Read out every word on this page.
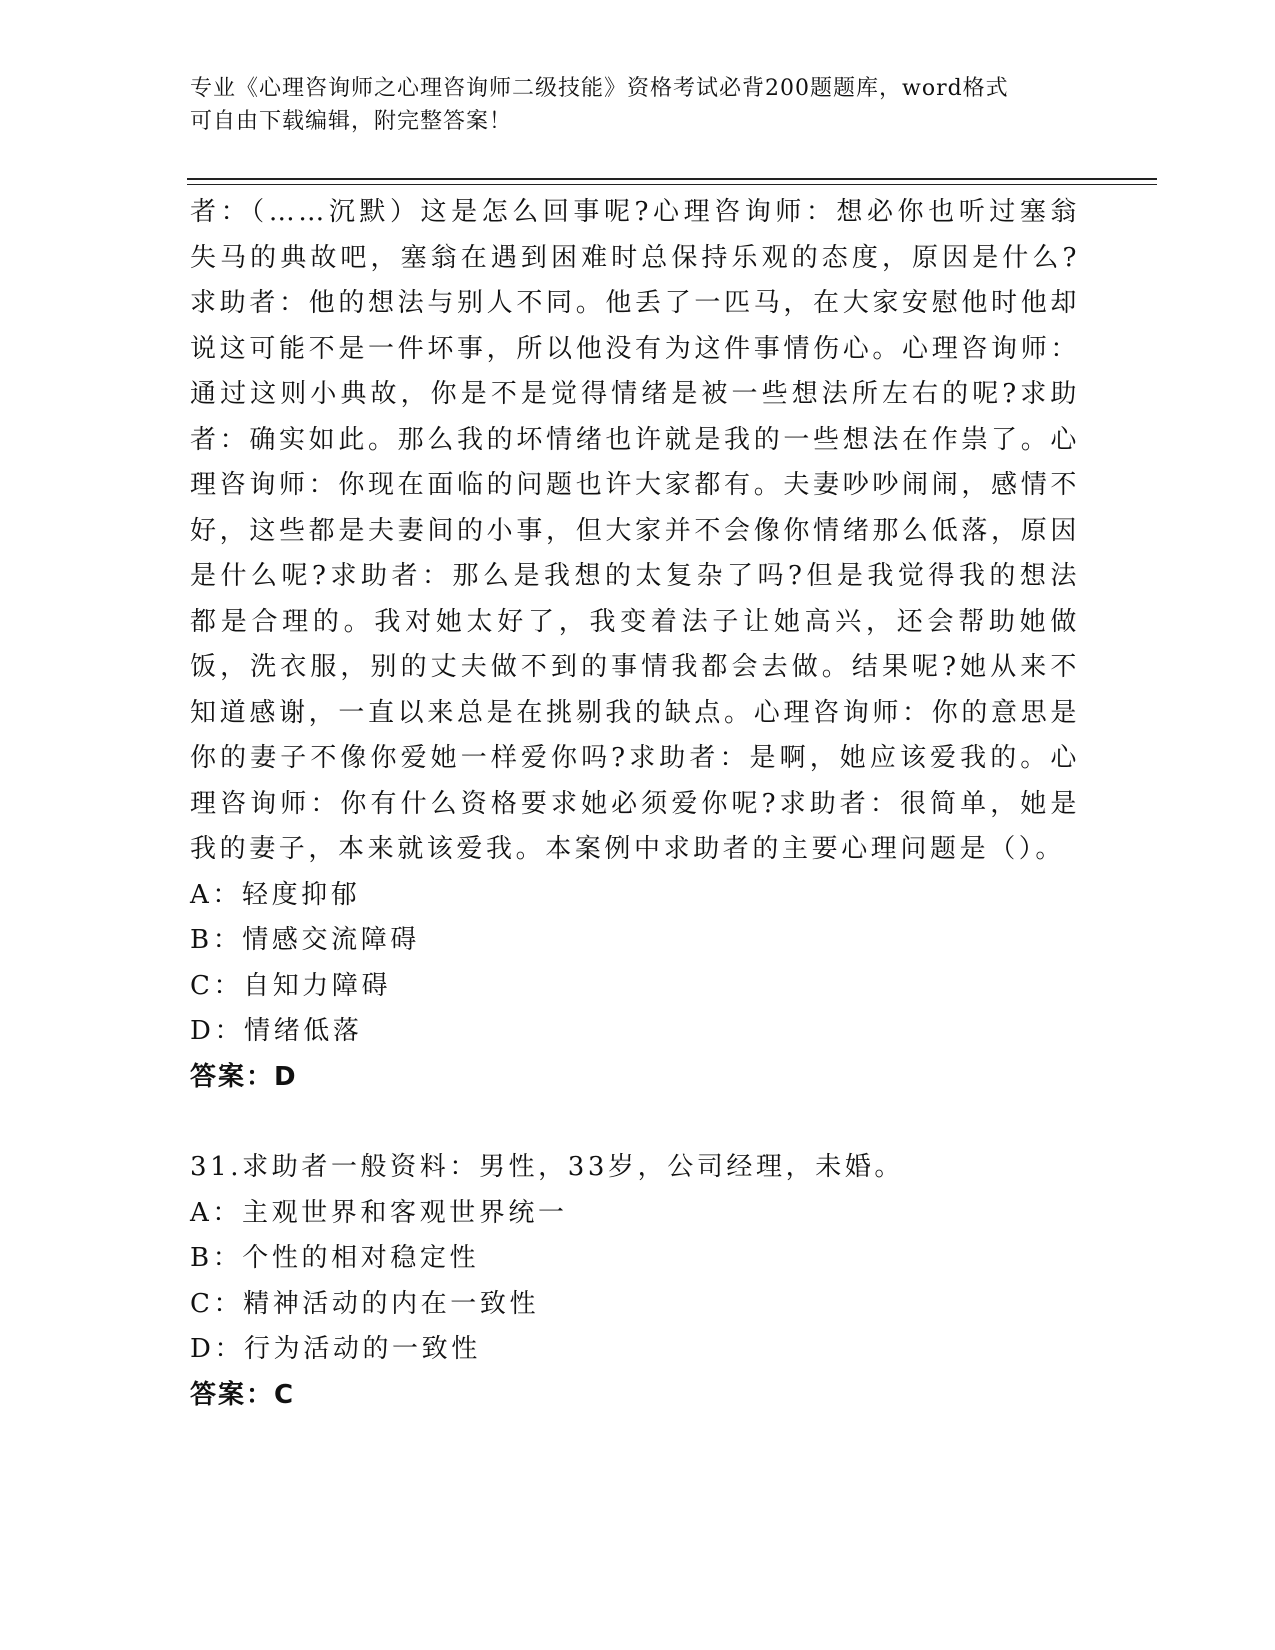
专业《心理咨询师之心理咨询师二级技能》资格考试必背200题题库，word格式
可自由下载编辑，附完整答案！

者：（……沉默）这是怎么回事呢?心理咨询师：想必你也听过塞翁失马的典故吧，塞翁在遇到困难时总保持乐观的态度，原因是什么?求助者：他的想法与别人不同。他丢了一匹马，在大家安慰他时他却说这可能不是一件坏事，所以他没有为这件事情伤心。心理咨询师：通过这则小典故，你是不是觉得情绪是被一些想法所左右的呢?求助者：确实如此。那么我的坏情绪也许就是我的一些想法在作祟了。心理咨询师：你现在面临的问题也许大家都有。夫妻吵吵闹闹，感情不好，这些都是夫妻间的小事，但大家并不会像你情绪那么低落，原因是什么呢?求助者：那么是我想的太复杂了吗?但是我觉得我的想法都是合理的。我对她太好了，我变着法子让她高兴，还会帮助她做饭，洗衣服，别的丈夫做不到的事情我都会去做。结果呢?她从来不知道感谢，一直以来总是在挑剔我的缺点。心理咨询师：你的意思是你的妻子不像你爱她一样爱你吗?求助者：是啊，她应该爱我的。心理咨询师：你有什么资格要求她必须爱你呢?求助者：很简单，她是我的妻子，本来就该爱我。本案例中求助者的主要心理问题是（）。

A：轻度抑郁

B：情感交流障碍

C：自知力障碍

D：情绪低落

答案：D

31.求助者一般资料：男性，33岁，公司经理，未婚。

A：主观世界和客观世界统一

B：个性的相对稳定性

C：精神活动的内在一致性

D：行为活动的一致性

答案：C
